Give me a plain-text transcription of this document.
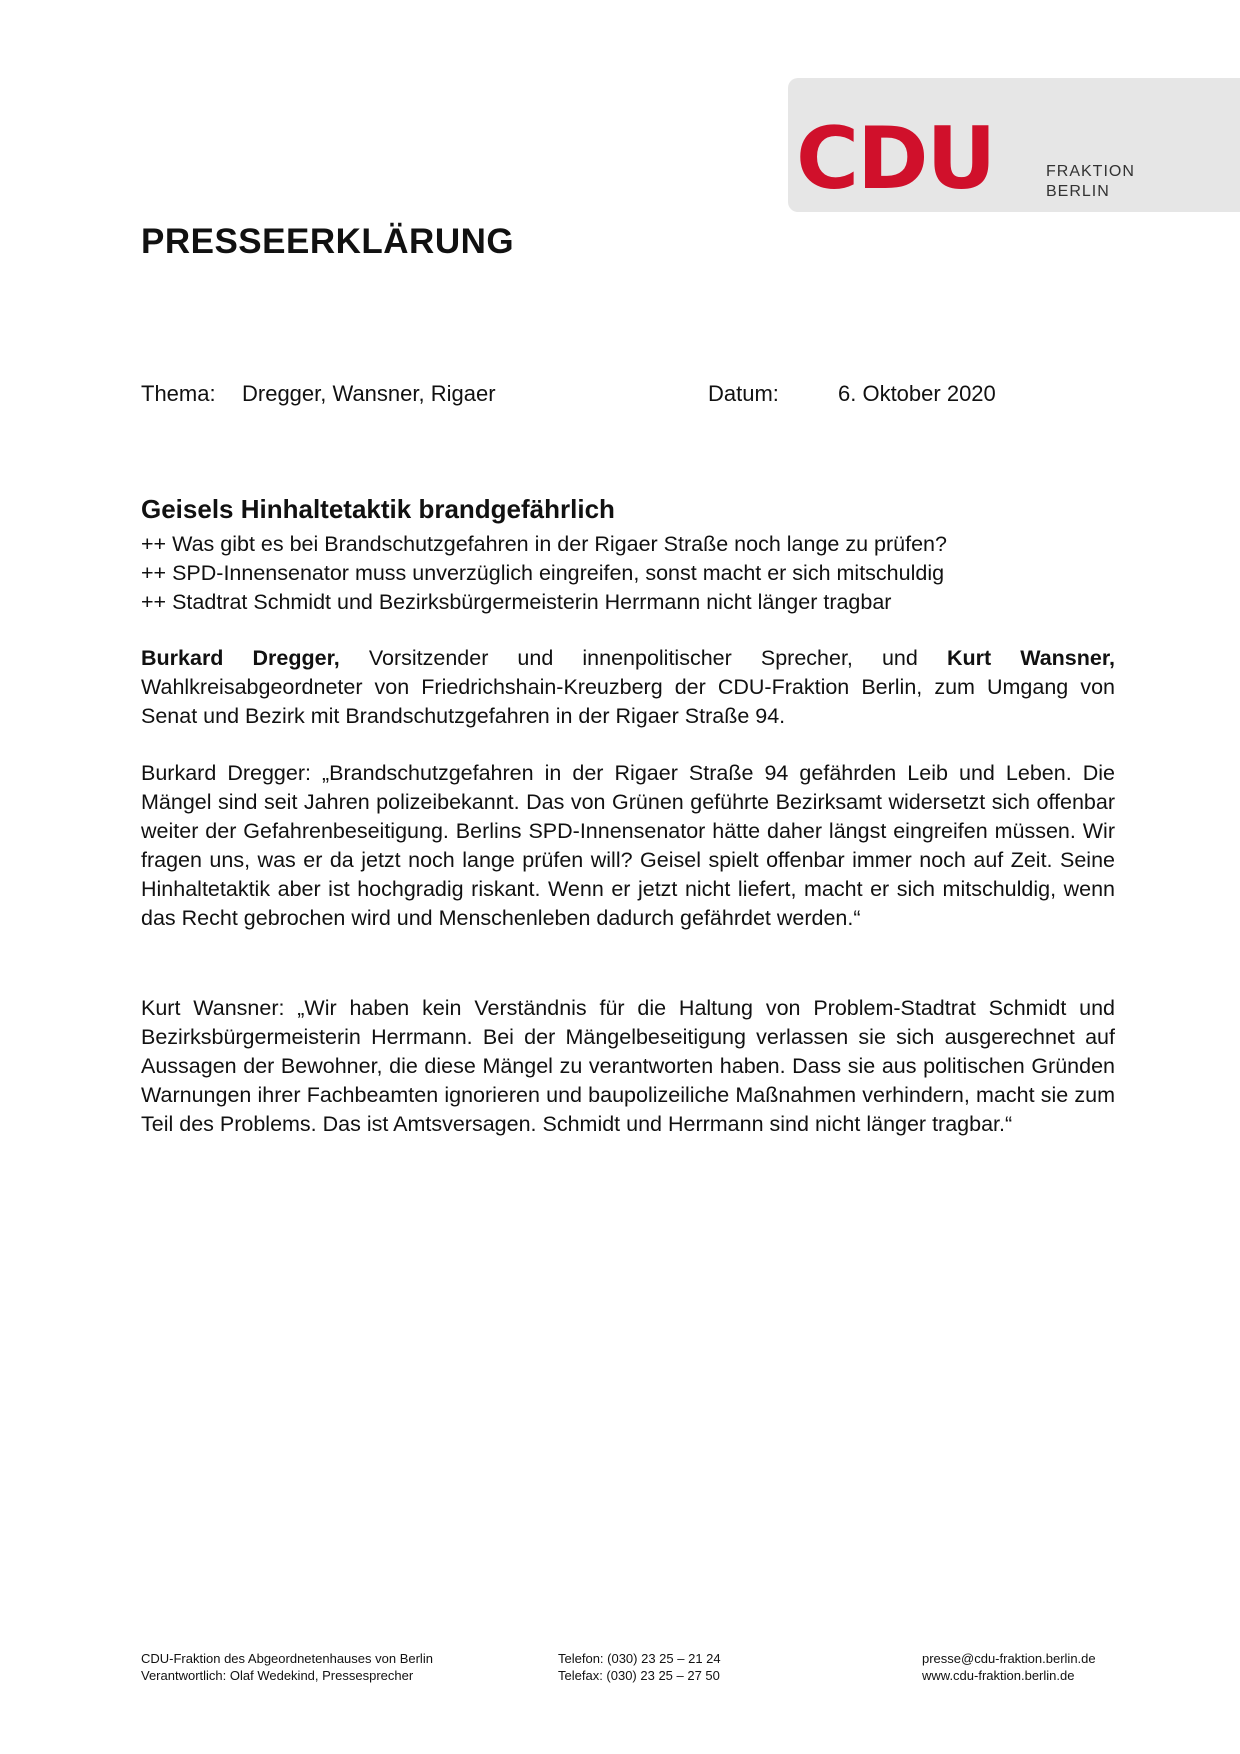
CDU	FRAKTION
BERLIN
PRESSEERKLÄRUNG
Thema: Dregger, Wansner, Rigaer	Datum:	6. Oktober 2020
Geisels Hinhaltetaktik brandgefährlich
++ Was gibt es bei Brandschutzgefahren in der Rigaer Straße noch lange zu prüfen?
++ SPD-Innensenator muss unverzüglich eingreifen, sonst macht er sich mitschuldig
++ Stadtrat Schmidt und Bezirksbürgermeisterin Herrmann nicht länger tragbar

Burkard Dregger, Vorsitzender und innenpolitischer Sprecher, und Kurt Wansner, Wahlkreisabgeordneter von Friedrichshain-Kreuzberg der CDU-Fraktion Berlin, zum Umgang von Senat und Bezirk mit Brandschutzgefahren in der Rigaer Straße 94.

Burkard Dregger: „Brandschutzgefahren in der Rigaer Straße 94 gefährden Leib und Leben. Die Mängel sind seit Jahren polizeibekannt. Das von Grünen geführte Bezirksamt widersetzt sich offenbar weiter der Gefahrenbeseitigung. Berlins SPD-Innensenator hätte daher längst eingreifen müssen. Wir fragen uns, was er da jetzt noch lange prüfen will? Geisel spielt offenbar immer noch auf Zeit. Seine Hinhaltetaktik aber ist hochgradig riskant. Wenn er jetzt nicht liefert, macht er sich mitschuldig, wenn das Recht gebrochen wird und Menschenleben dadurch gefährdet werden.“

Kurt Wansner: „Wir haben kein Verständnis für die Haltung von Problem-Stadtrat Schmidt und Bezirksbürgermeisterin Herrmann. Bei der Mängelbeseitigung verlassen sie sich ausgerechnet auf Aussagen der Bewohner, die diese Mängel zu verantworten haben. Dass sie aus politischen Gründen Warnungen ihrer Fachbeamten ignorieren und baupolizeiliche Maßnahmen verhindern, macht sie zum Teil des Problems. Das ist Amtsversagen. Schmidt und Herrmann sind nicht länger tragbar.“

CDU-Fraktion des Abgeordnetenhauses von Berlin
Verantwortlich: Olaf Wedekind, Pressesprecher
Telefon: (030) 23 25 – 21 24
Telefax: (030) 23 25 – 27 50
presse@cdu-fraktion.berlin.de
www.cdu-fraktion.berlin.de
